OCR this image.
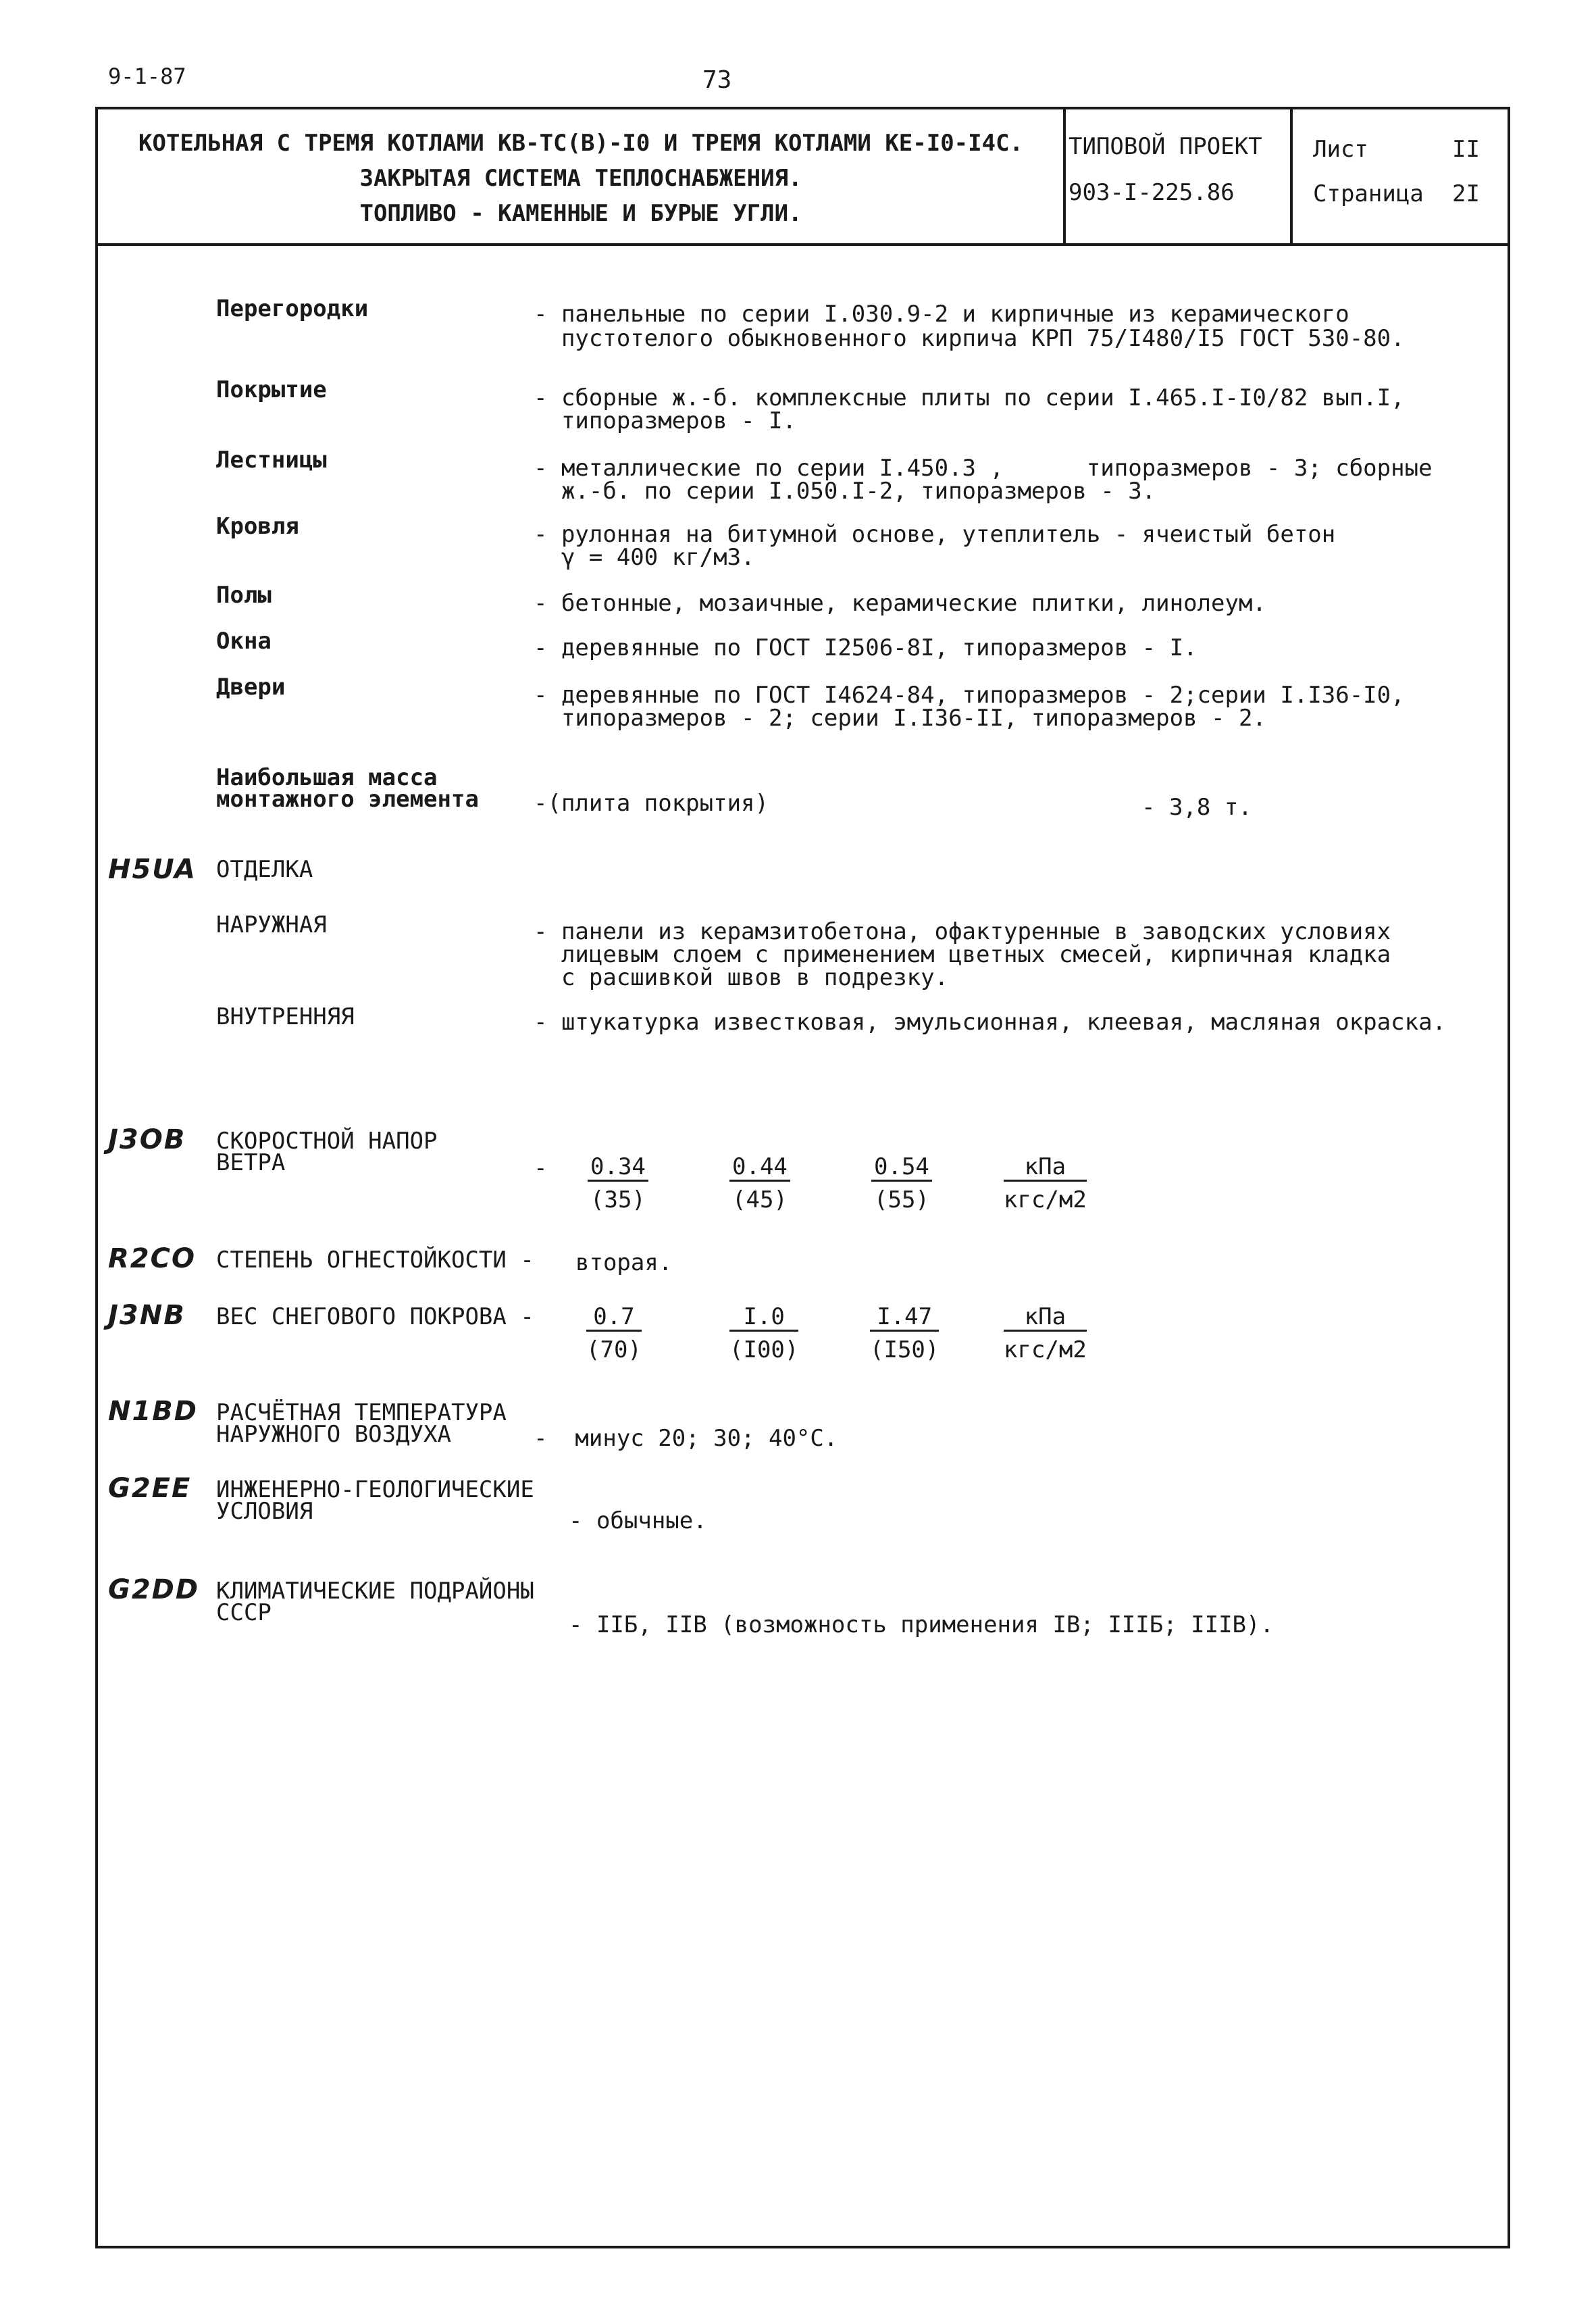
9-1-87	73
КОТЕЛЬНАЯ С ТРЕМЯ КОТЛАМИ КВ-ТС(В)-I0 И ТРЕМЯ КОТЛАМИ КЕ-I0-I4C.
ЗАКРЫТАЯ СИСТЕМА ТЕПЛОСНАБЖЕНИЯ.
ТОПЛИВО - КАМЕННЫЕ И БУРЫЕ УГЛИ.
ТИПОВОЙ ПРОЕКТ
903-I-225.86
Лист	II
Страница 2I
Перегородки	- панельные по серии I.030.9-2 и кирпичные из керамического
пустотелого обыкновенного кирпича КРП 75/I480/I5 ГОСТ 530-80.
Покрытие	- сборные ж.-б. комплексные плиты по серии I.465.I-I0/82 вып.I,
типоразмеров - I.
Лестницы	- металлические по серии I.450.3 ,      типоразмеров - 3; сборные
ж.-б. по серии I.050.I-2, типоразмеров - 3.
Кровля	- рулонная на битумной основе, утеплитель - ячеистый бетон
γ = 400 кг/м3.
Полы	- бетонные, мозаичные, керамические плитки, линолеум.
Окна	- деревянные по ГОСТ I2506-8I, типоразмеров - I.
Двери	- деревянные по ГОСТ I4624-84, типоразмеров - 2;серии I.I36-I0,
типоразмеров - 2; серии I.I36-II, типоразмеров - 2.
Наибольшая масса
монтажного элемента -(плита покрытия)	- 3,8 т.
H5UA ОТДЕЛКА
НАРУЖНАЯ	- панели из керамзитобетона, офактуренные в заводских условиях
лицевым слоем с применением цветных смесей, кирпичная кладка
с расшивкой швов в подрезку.
ВНУТРЕННЯЯ	- штукатурка известковая, эмульсионная, клеевая, масляная окраска.
J3OB СКОРОСТНОЙ НАПОР
ВЕТРА	- $\frac{0.34}{(35)}$	$\frac{0.44}{(45)}$	$\frac{0.54}{(55)}$	кПа
кгс/м2
R2CO СТЕПЕНЬ ОГНЕСТОЙКОСТИ - вторая.
J3NB ВЕС СНЕГОВОГО ПОКРОВА - $\frac{0.7}{(70)}$	$\frac{I.0}{(I00)}$	$\frac{I.47}{(I50)}$	кПа
кгс/м2
N1BD РАСЧЁТНАЯ ТЕМПЕРАТУРА
НАРУЖНОГО ВОЗДУХА	-  минус 20; 30; 40°С.
G2EE ИНЖЕНЕРНО-ГЕОЛОГИЧЕСКИЕ
УСЛОВИЯ	- обычные.
G2DD КЛИМАТИЧЕСКИЕ ПОДРАЙОНЫ
СССР	- IIБ, IIВ (возможность применения IВ; IIIБ; IIIВ).
